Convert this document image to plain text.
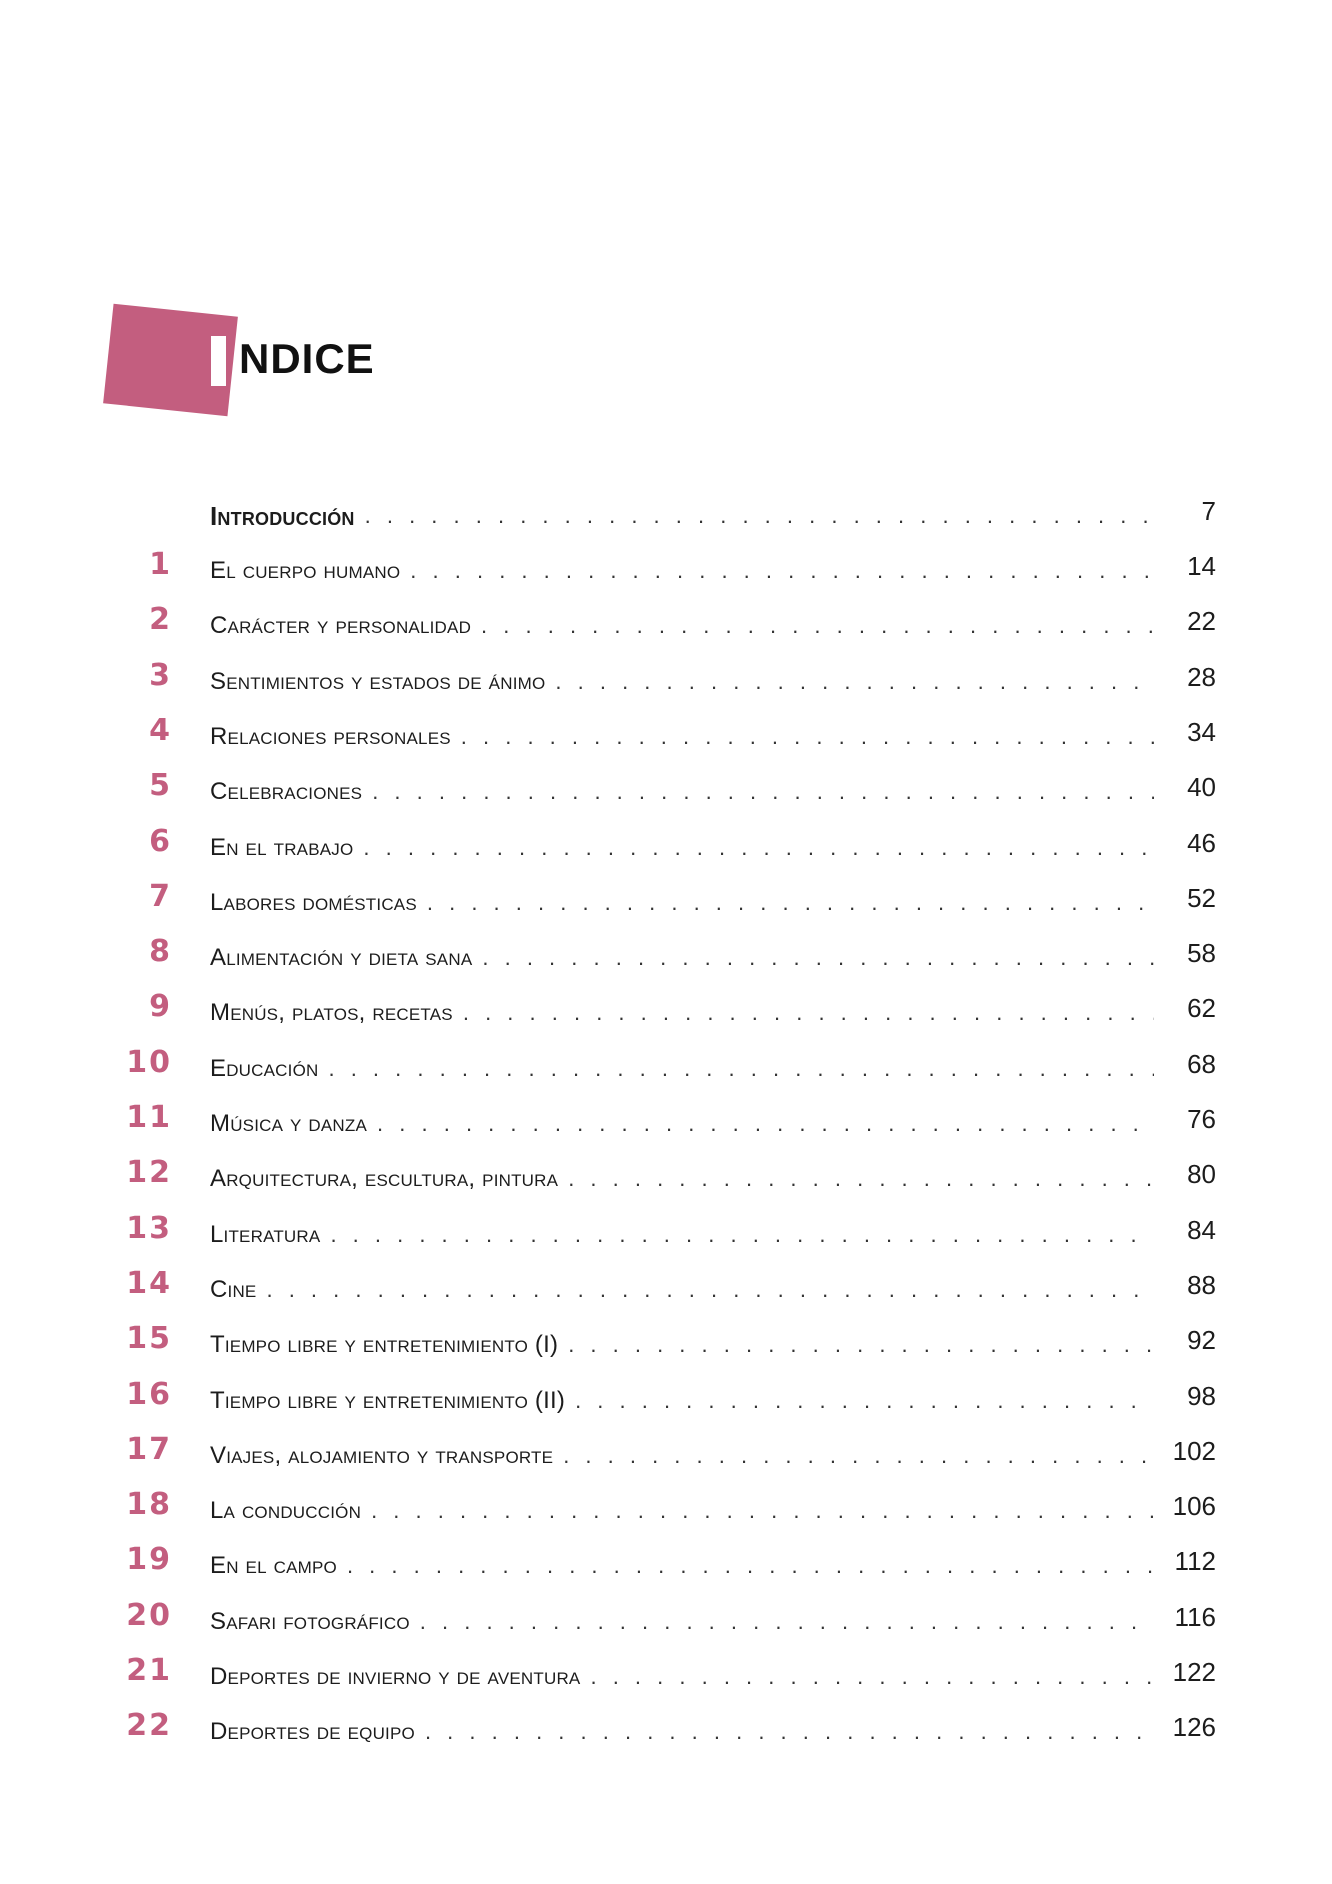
NDICE
Introducción . . .	7
1 El cuerpo humano . . .	14
2 Carácter y personalidad . . .	22
3 Sentimientos y estados de ánimo . . .	28
4 Relaciones personales . . .	34
5 Celebraciones . . .	40
6 En el trabajo . . .	46
7 Labores domésticas . . .	52
8 Alimentación y dieta sana . . .	58
9 Menús, platos, recetas . . .	62
10 Educación . . .	68
11 Música y danza . . .	76
12 Arquitectura, escultura, pintura . . .	80
13 Literatura . . .	84
14 Cine . . .	88
15 Tiempo libre y entretenimiento (I) . . .	92
16 Tiempo libre y entretenimiento (II) . . .	98
17 Viajes, alojamiento y transporte . . .	102
18 La conducción . . .	106
19 En el campo . . .	112
20 Safari fotográfico . . .	116
21 Deportes de invierno y de aventura . . .	122
22 Deportes de equipo . . .	126
